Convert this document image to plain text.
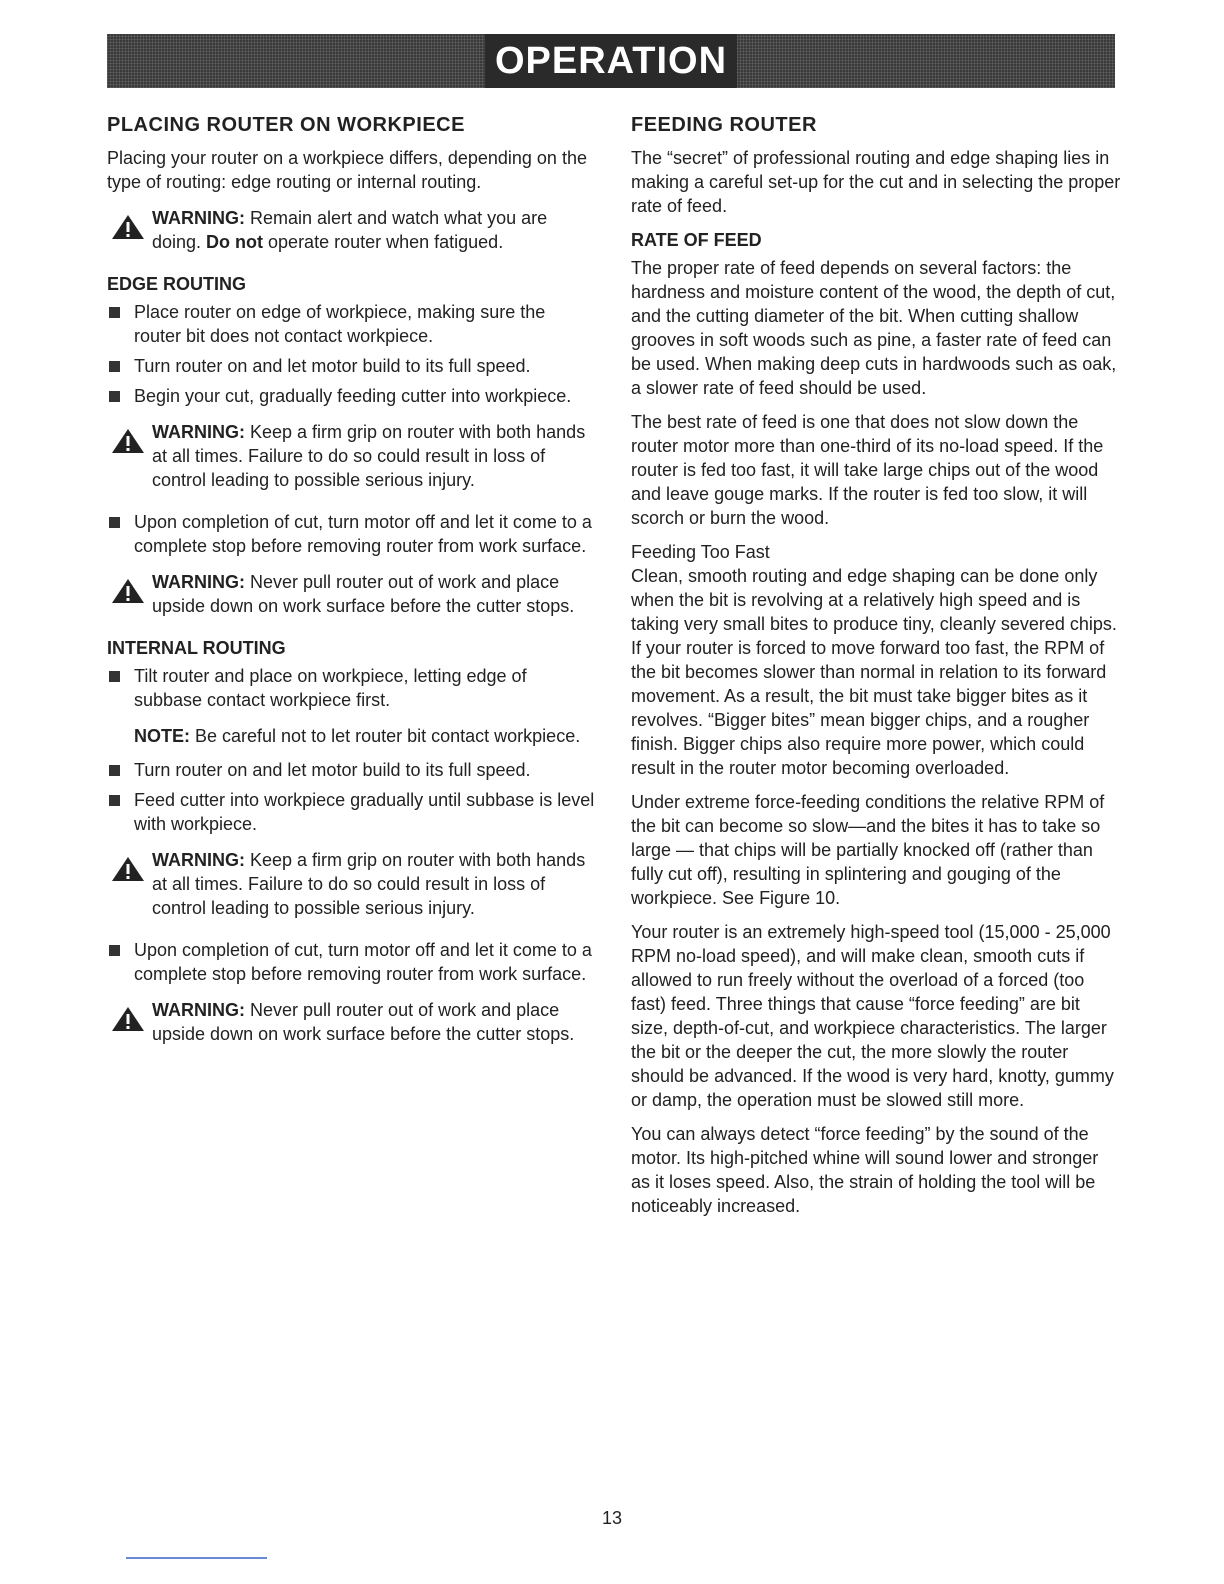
OPERATION
PLACING ROUTER ON WORKPIECE

Placing your router on a workpiece differs, depending on the type of routing: edge routing or internal routing.

WARNING: Remain alert and watch what you are doing. Do not operate router when fatigued.

EDGE ROUTING
Place router on edge of workpiece, making sure the router bit does not contact workpiece.
Turn router on and let motor build to its full speed.
Begin your cut, gradually feeding cutter into workpiece.

WARNING: Keep a firm grip on router with both hands at all times. Failure to do so could result in loss of control leading to possible serious injury.

Upon completion of cut, turn motor off and let it come to a complete stop before removing router from work surface.

WARNING: Never pull router out of work and place upside down on work surface before the cutter stops.

INTERNAL ROUTING
Tilt router and place on workpiece, letting edge of subbase contact workpiece first.

NOTE: Be careful not to let router bit contact workpiece.

Turn router on and let motor build to its full speed.
Feed cutter into workpiece gradually until subbase is level with workpiece.

WARNING: Keep a firm grip on router with both hands at all times. Failure to do so could result in loss of control leading to possible serious injury.

Upon completion of cut, turn motor off and let it come to a complete stop before removing router from work surface.

WARNING: Never pull router out of work and place upside down on work surface before the cutter stops.

FEEDING ROUTER

The “secret” of professional routing and edge shaping lies in making a careful set-up for the cut and in selecting the proper rate of feed.

RATE OF FEED

The proper rate of feed depends on several factors: the hardness and moisture content of the wood, the depth of cut, and the cutting diameter of the bit. When cutting shallow grooves in soft woods such as pine, a faster rate of feed can be used. When making deep cuts in hardwoods such as oak, a slower rate of feed should be used.

The best rate of feed is one that does not slow down the router motor more than one-third of its no-load speed. If the router is fed too fast, it will take large chips out of the wood and leave gouge marks. If the router is fed too slow, it will scorch or burn the wood.

Feeding Too Fast

Clean, smooth routing and edge shaping can be done only when the bit is revolving at a relatively high speed and is taking very small bites to produce tiny, cleanly severed chips. If your router is forced to move forward too fast, the RPM of the bit becomes slower than normal in relation to its forward movement. As a result, the bit must take bigger bites as it revolves. “Bigger bites” mean bigger chips, and a rougher finish. Bigger chips also require more power, which could result in the router motor becoming overloaded.

Under extreme force-feeding conditions the relative RPM of the bit can become so slow—and the bites it has to take so large — that chips will be partially knocked off (rather than fully cut off), resulting in splintering and gouging of the workpiece. See Figure 10.

Your router is an extremely high-speed tool (15,000 - 25,000 RPM no-load speed), and will make clean, smooth cuts if allowed to run freely without the overload of a forced (too fast) feed. Three things that cause “force feeding” are bit size, depth-of-cut, and workpiece characteristics. The larger the bit or the deeper the cut, the more slowly the router should be advanced. If the wood is very hard, knotty, gummy or damp, the operation must be slowed still more.

You can always detect “force feeding” by the sound of the motor. Its high-pitched whine will sound lower and stronger as it loses speed. Also, the strain of holding the tool will be noticeably increased.

13
